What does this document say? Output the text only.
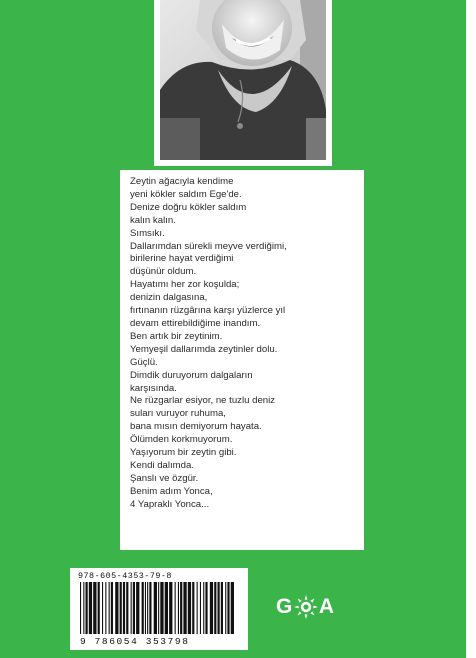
Zeytin ağacıyla kendime
yeni kökler saldım Ege'de.
Denize doğru kökler saldım
kalın kalın.
Sımsıkı.
Dallarımdan sürekli meyve verdiğimi,
birilerine hayat verdiğimi
düşünür oldum.
Hayatımı her zor koşulda;
denizin dalgasına,
fırtınanın rüzgârına karşı yüzlerce yıl
devam ettirebildiğime inandım.
Ben artık bir zeytinim.
Yemyeşil dallarımda zeytinler dolu.
Güçlü.
Dimdik duruyorum dalgaların
karşısında.
Ne rüzgarlar esiyor, ne tuzlu deniz
suları vuruyor ruhuma,
bana mısın demiyorum hayata.
Ölümden korkmuyorum.
Yaşıyorum bir zeytin gibi.
Kendi dalımda.
Şanslı ve özgür.
Benim adım Yonca,
4 Yapraklı Yonca...
978-605-4353-79-8
9 786054 353798
G A
